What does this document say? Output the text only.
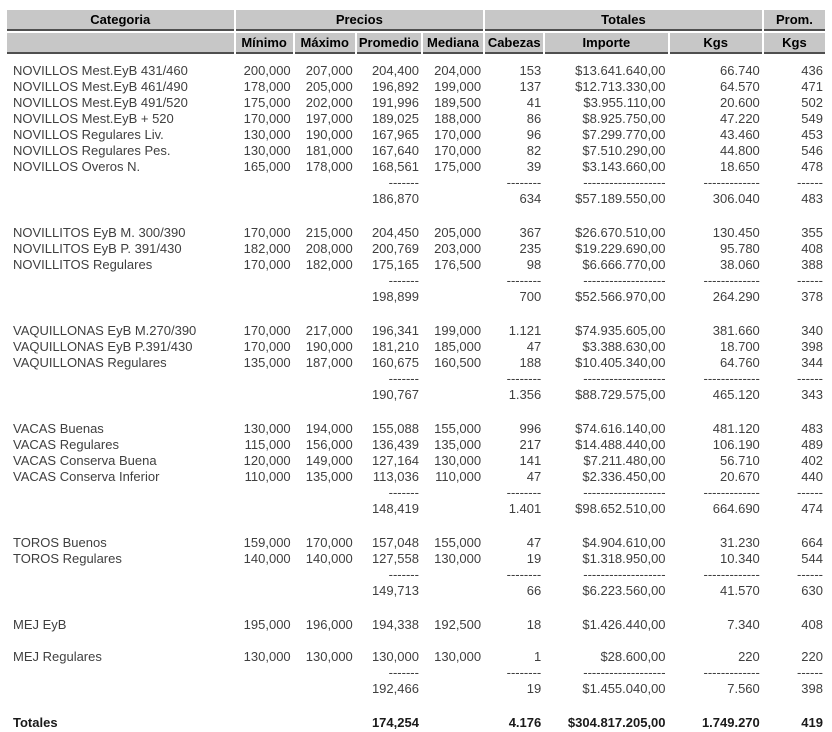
Categoria	Precios				Totales			Prom.
	Mínimo	Máximo	Promedio	Mediana	Cabezas	Importe	Kgs	Kgs

NOVILLOS Mest.EyB 431/460	200,000	207,000	204,400	204,000	153	$13.641.640,00	66.740	436
NOVILLOS Mest.EyB 461/490	178,000	205,000	196,892	199,000	137	$12.713.330,00	64.570	471
NOVILLOS Mest.EyB 491/520	175,000	202,000	191,996	189,500	41	$3.955.110,00	20.600	502
NOVILLOS Mest.EyB + 520	170,000	197,000	189,025	188,000	86	$8.925.750,00	47.220	549
NOVILLOS Regulares Liv.	130,000	190,000	167,965	170,000	96	$7.299.770,00	43.460	453
NOVILLOS Regulares Pes.	130,000	181,000	167,640	170,000	82	$7.510.290,00	44.800	546
NOVILLOS Overos N.	165,000	178,000	168,561	175,000	39	$3.143.660,00	18.650	478
			-------		--------	-------------------	-------------	------
			186,870		634	$57.189.550,00	306.040	483

NOVILLITOS EyB M. 300/390	170,000	215,000	204,450	205,000	367	$26.670.510,00	130.450	355
NOVILLITOS EyB P. 391/430	182,000	208,000	200,769	203,000	235	$19.229.690,00	95.780	408
NOVILLITOS Regulares	170,000	182,000	175,165	176,500	98	$6.666.770,00	38.060	388
			-------		--------	-------------------	-------------	------
			198,899		700	$52.566.970,00	264.290	378

VAQUILLONAS EyB M.270/390	170,000	217,000	196,341	199,000	1.121	$74.935.605,00	381.660	340
VAQUILLONAS EyB P.391/430	170,000	190,000	181,210	185,000	47	$3.388.630,00	18.700	398
VAQUILLONAS Regulares	135,000	187,000	160,675	160,500	188	$10.405.340,00	64.760	344
			-------		--------	-------------------	-------------	------
			190,767		1.356	$88.729.575,00	465.120	343

VACAS Buenas	130,000	194,000	155,088	155,000	996	$74.616.140,00	481.120	483
VACAS Regulares	115,000	156,000	136,439	135,000	217	$14.488.440,00	106.190	489
VACAS Conserva Buena	120,000	149,000	127,164	130,000	141	$7.211.480,00	56.710	402
VACAS Conserva Inferior	110,000	135,000	113,036	110,000	47	$2.336.450,00	20.670	440
			-------		--------	-------------------	-------------	------
			148,419		1.401	$98.652.510,00	664.690	474

TOROS Buenos	159,000	170,000	157,048	155,000	47	$4.904.610,00	31.230	664
TOROS Regulares	140,000	140,000	127,558	130,000	19	$1.318.950,00	10.340	544
			-------		--------	-------------------	-------------	------
			149,713		66	$6.223.560,00	41.570	630

MEJ EyB	195,000	196,000	194,338	192,500	18	$1.426.440,00	7.340	408

MEJ Regulares	130,000	130,000	130,000	130,000	1	$28.600,00	220	220
			-------		--------	-------------------	-------------	------
			192,466		19	$1.455.040,00	7.560	398

Totales			174,254		4.176	$304.817.205,00	1.749.270	419
